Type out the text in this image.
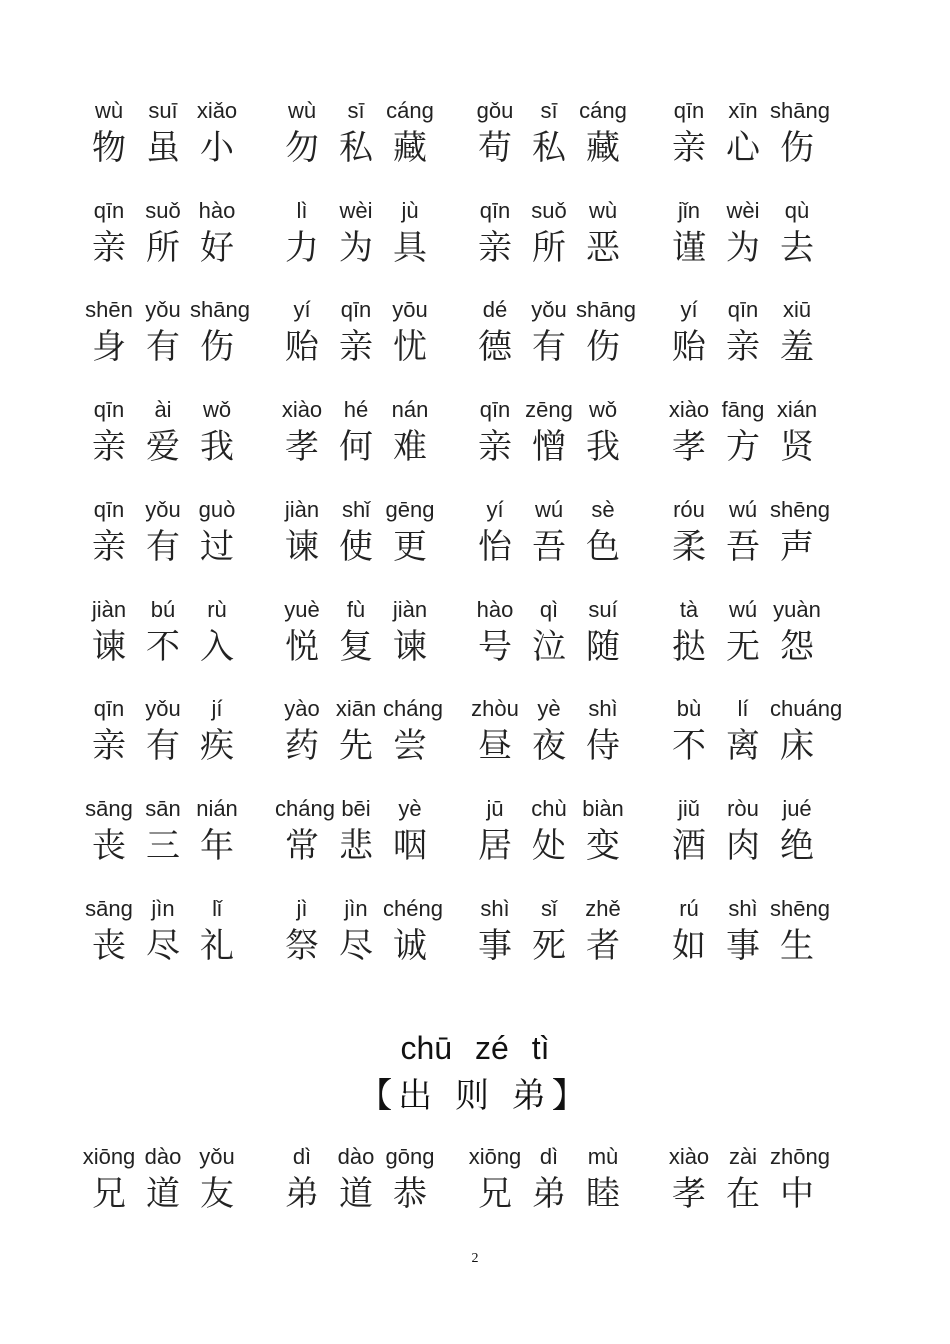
wù
物
suī
虽
xiǎo
小
wù
勿
sī
私
cáng
藏
gǒu
苟
sī
私
cáng
藏
qīn
亲
xīn
心
shāng
伤
qīn
亲
suǒ
所
hào
好
lì
力
wèi
为
jù
具
qīn
亲
suǒ
所
wù
恶
jǐn
谨
wèi
为
qù
去
shēn
身
yǒu
有
shāng
伤
yí
贻
qīn
亲
yōu
忧
dé
德
yǒu
有
shāng
伤
yí
贻
qīn
亲
xiū
羞
qīn
亲
ài
爱
wǒ
我
xiào
孝
hé
何
nán
难
qīn
亲
zēng
憎
wǒ
我
xiào
孝
fāng
方
xián
贤
qīn
亲
yǒu
有
guò
过
jiàn
谏
shǐ
使
gēng
更
yí
怡
wú
吾
sè
色
róu
柔
wú
吾
shēng
声
jiàn
谏
bú
不
rù
入
yuè
悦
fù
复
jiàn
谏
hào
号
qì
泣
suí
随
tà
挞
wú
无
yuàn
怨
qīn
亲
yǒu
有
jí
疾
yào
药
xiān
先
cháng
尝
zhòu
昼
yè
夜
shì
侍
bù
不
lí
离
chuáng
床
sāng
丧
sān
三
nián
年
cháng
常
bēi
悲
yè
咽
jū
居
chù
处
biàn
变
jiǔ
酒
ròu
肉
jué
绝
sāng
丧
jìn
尽
lǐ
礼
jì
祭
jìn
尽
chéng
诚
shì
事
sǐ
死
zhě
者
rú
如
shì
事
shēng
生
chū zé tì
【出 则 弟】
xiōng
兄
dào
道
yǒu
友
dì
弟
dào
道
gōng
恭
xiōng
兄
dì
弟
mù
睦
xiào
孝
zài
在
zhōng
中
2
